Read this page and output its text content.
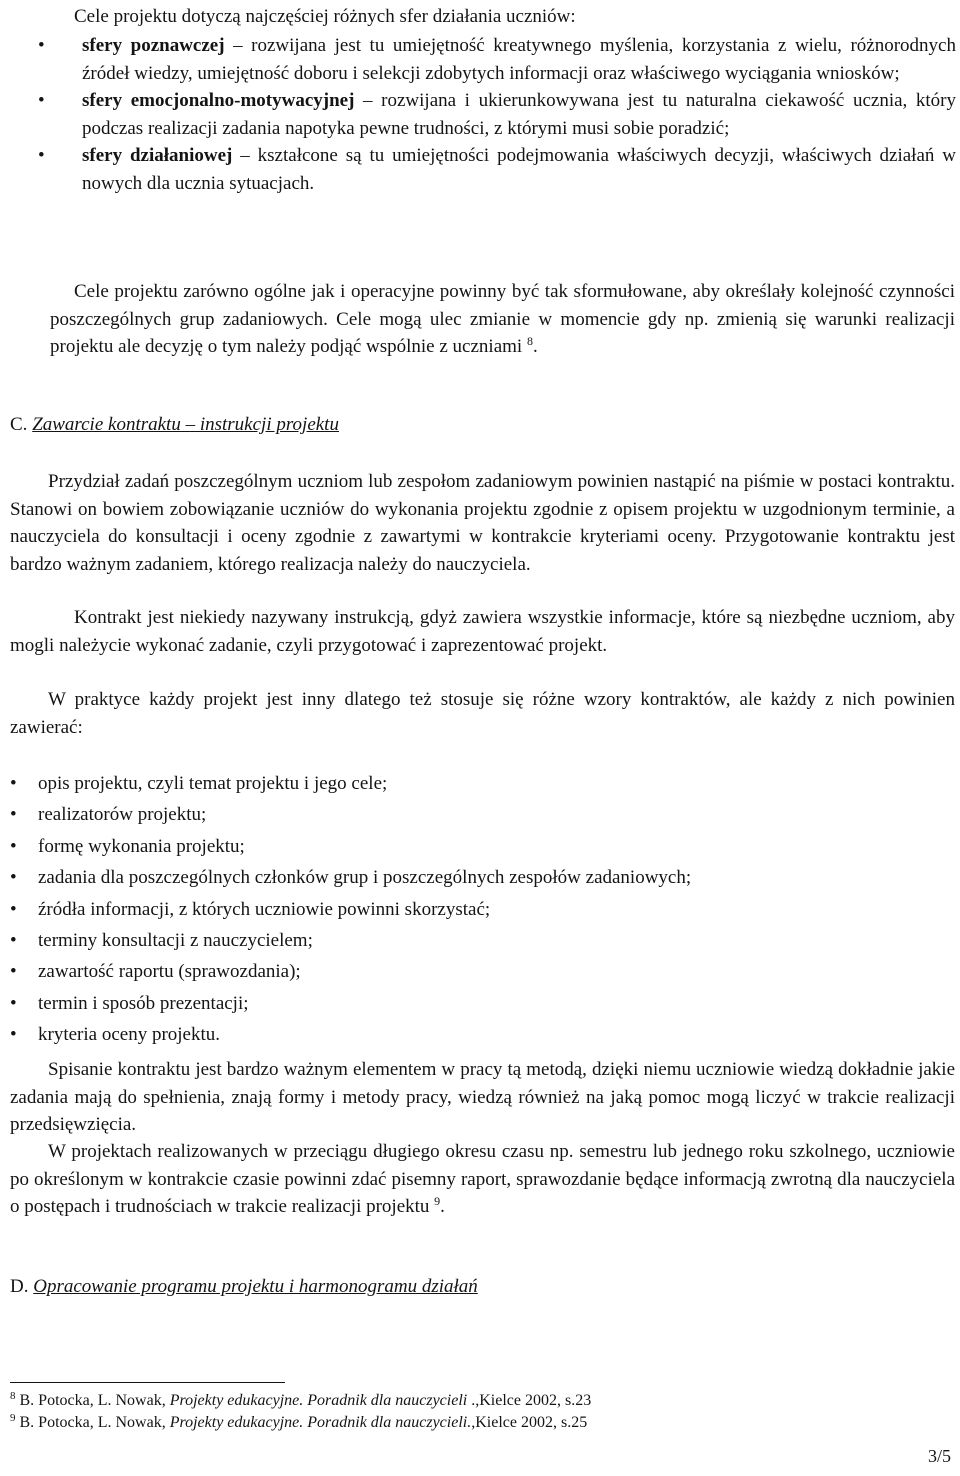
Cele projektu dotyczą najczęściej różnych sfer działania uczniów:

• sfery poznawczej – rozwijana jest tu umiejętność kreatywnego myślenia, korzystania z wielu, różnorodnych źródeł wiedzy, umiejętność doboru i selekcji zdobytych informacji oraz właściwego wyciągania wniosków;

• sfery emocjonalno-motywacyjnej – rozwijana i ukierunkowywana jest tu naturalna ciekawość ucznia, który podczas realizacji zadania napotyka pewne trudności, z którymi musi sobie poradzić;

• sfery działaniowej – kształcone są tu umiejętności podejmowania właściwych decyzji, właściwych działań w nowych dla ucznia sytuacjach.

Cele projektu zarówno ogólne jak i operacyjne powinny być tak sformułowane, aby określały kolejność czynności poszczególnych grup zadaniowych. Cele mogą ulec zmianie w momencie gdy np. zmienią się warunki realizacji projektu ale decyzję o tym należy podjąć wspólnie z uczniami $^8$.

C. Zawarcie kontraktu – instrukcji projektu

Przydział zadań poszczególnym uczniom lub zespołom zadaniowym powinien nastąpić na piśmie w postaci kontraktu. Stanowi on bowiem zobowiązanie uczniów do wykonania projektu zgodnie z opisem projektu w uzgodnionym terminie, a nauczyciela do konsultacji i oceny zgodnie z zawartymi w kontrakcie kryteriami oceny. Przygotowanie kontraktu jest bardzo ważnym zadaniem, którego realizacja należy do nauczyciela.

Kontrakt jest niekiedy nazywany instrukcją, gdyż zawiera wszystkie informacje, które są niezbędne uczniom, aby mogli należycie wykonać zadanie, czyli przygotować i zaprezentować projekt.

W praktyce każdy projekt jest inny dlatego też stosuje się różne wzory kontraktów, ale każdy z nich powinien zawierać:

• opis projektu, czyli temat projektu i jego cele;
• realizatorów projektu;
• formę wykonania projektu;
• zadania dla poszczególnych członków grup i poszczególnych zespołów zadaniowych;
• źródła informacji, z których uczniowie powinni skorzystać;
• terminy konsultacji z nauczycielem;
• zawartość raportu (sprawozdania);
• termin i sposób prezentacji;
• kryteria oceny projektu.

Spisanie kontraktu jest bardzo ważnym elementem w pracy tą metodą, dzięki niemu uczniowie wiedzą dokładnie jakie zadania mają do spełnienia, znają formy i metody pracy, wiedzą również na jaką pomoc mogą liczyć w trakcie realizacji przedsięwzięcia.

W projektach realizowanych w przeciągu długiego okresu czasu np. semestru lub jednego roku szkolnego, uczniowie po określonym w kontrakcie czasie powinni zdać pisemny raport, sprawozdanie będące informacją zwrotną dla nauczyciela o postępach i trudnościach w trakcie realizacji projektu $^9$.

D. Opracowanie programu projektu i harmonogramu działań

$^8$ B. Potocka, L. Nowak, Projekty edukacyjne. Poradnik dla nauczycieli .,Kielce 2002, s.23

$^9$ B. Potocka, L. Nowak, Projekty edukacyjne. Poradnik dla nauczycieli.,Kielce 2002, s.25

3/5
